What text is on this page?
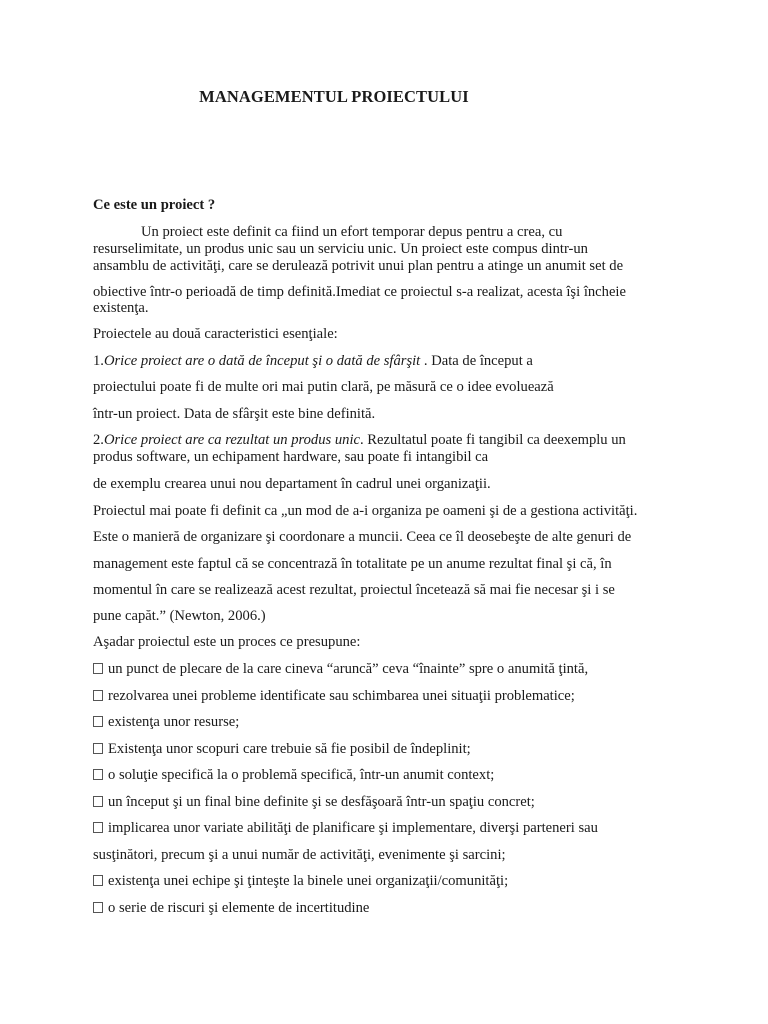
MANAGEMENTUL PROIECTULUI
Ce este un proiect ?
Un proiect este definit ca fiind un efort temporar depus pentru a crea, cu
resurselimitate, un produs unic sau un serviciu unic. Un proiect este compus dintr-un
ansamblu de activităţi, care se derulează potrivit unui plan pentru a atinge un anumit set de
obiective într-o perioadă de timp definită.Imediat ce proiectul s-a realizat, acesta îşi încheie
existenţa.
Proiectele au două caracteristici esenţiale:
1.Orice proiect are o dată de început şi o dată de sfârşit . Data de început a
proiectului poate fi de multe ori mai putin clară, pe măsură ce o idee evoluează
într-un proiect. Data de sfârşit este bine definită.
2.Orice proiect are ca rezultat un produs unic. Rezultatul poate fi tangibil ca deexemplu un
produs software, un echipament hardware, sau poate fi intangibil ca
de exemplu crearea unui nou departament în cadrul unei organizaţii.
Proiectul mai poate fi definit ca „un mod de a-i organiza pe oameni şi de a gestiona activităţi.
Este o manieră de organizare şi coordonare a muncii. Ceea ce îl deosebeşte de alte genuri de
management este faptul că se concentrază în totalitate pe un anume rezultat final şi că, în
momentul în care se realizează acest rezultat, proiectul încetează să mai fie necesar şi i se
pune capăt.” (Newton, 2006.)
Aşadar proiectul este un proces ce presupune:
un punct de plecare de la care cineva “aruncă” ceva “înainte” spre o anumită ţintă,
rezolvarea unei probleme identificate sau schimbarea unei situaţii problematice;
existenţa unor resurse;
Existenţa unor scopuri care trebuie să fie posibil de îndeplinit;
o soluţie specifică la o problemă specifică, într-un anumit context;
un început şi un final bine definite şi se desfăşoară într-un spaţiu concret;
implicarea unor variate abilităţi de planificare şi implementare, diverşi parteneri sau
susţinători, precum şi a unui număr de activităţi, evenimente şi sarcini;
existenţa unei echipe şi ţinteşte la binele unei organizaţii/comunităţi;
o serie de riscuri şi elemente de incertitudine
